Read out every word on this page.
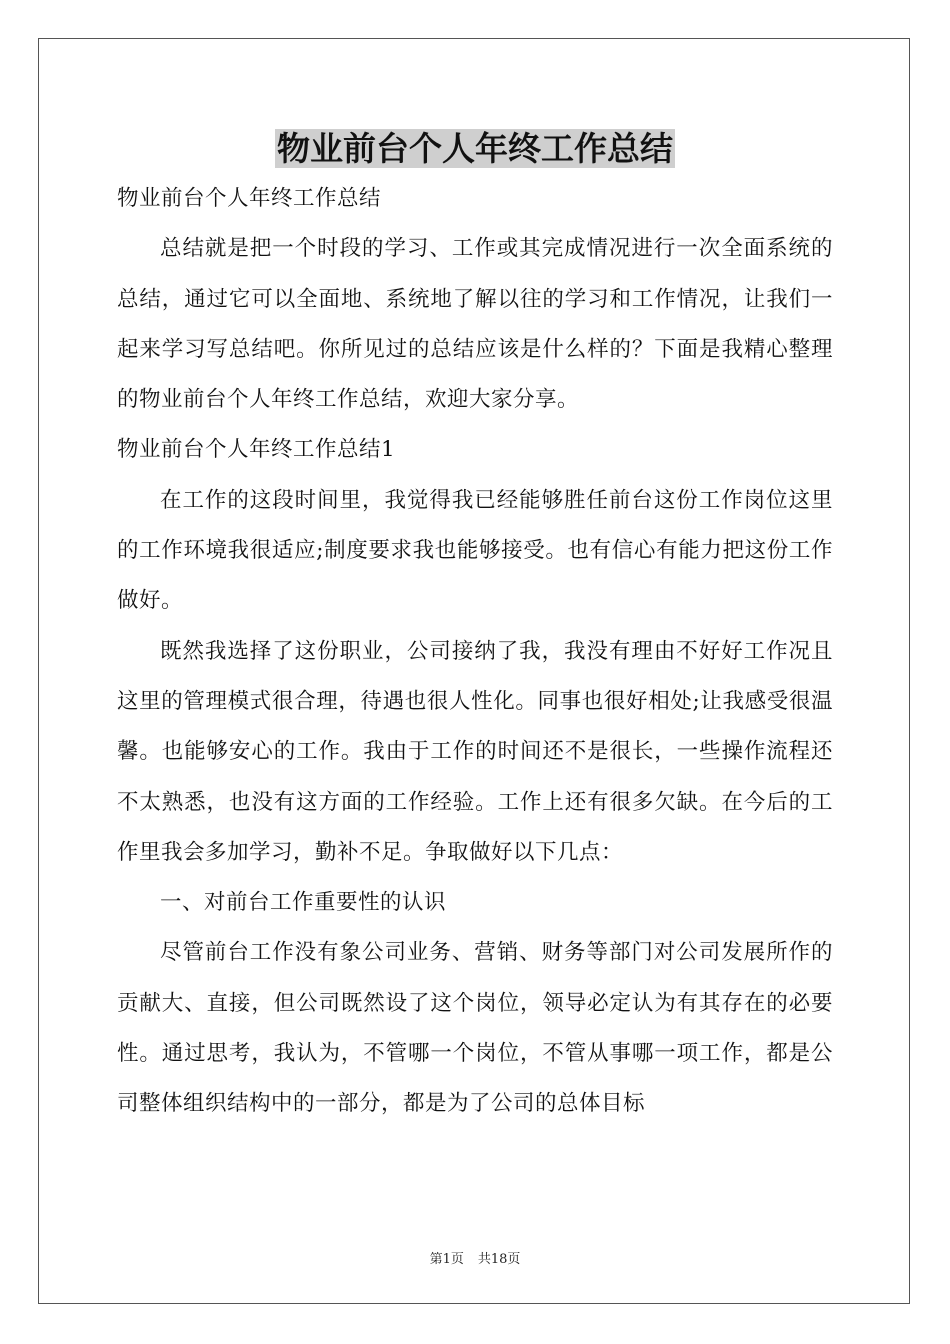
物业前台个人年终工作总结

物业前台个人年终工作总结

总结就是把一个时段的学习、工作或其完成情况进行一次全面系统的总结，通过它可以全面地、系统地了解以往的学习和工作情况，让我们一起来学习写总结吧。你所见过的总结应该是什么样的？下面是我精心整理的物业前台个人年终工作总结，欢迎大家分享。

物业前台个人年终工作总结1

在工作的这段时间里，我觉得我已经能够胜任前台这份工作岗位这里的工作环境我很适应;制度要求我也能够接受。也有信心有能力把这份工作做好。

既然我选择了这份职业，公司接纳了我，我没有理由不好好工作况且这里的管理模式很合理，待遇也很人性化。同事也很好相处;让我感受很温馨。也能够安心的工作。我由于工作的时间还不是很长，一些操作流程还不太熟悉，也没有这方面的工作经验。工作上还有很多欠缺。在今后的工作里我会多加学习，勤补不足。争取做好以下几点：

一、对前台工作重要性的认识

尽管前台工作没有象公司业务、营销、财务等部门对公司发展所作的贡献大、直接，但公司既然设了这个岗位，领导必定认为有其存在的必要性。通过思考，我认为，不管哪一个岗位，不管从事哪一项工作，都是公司整体组织结构中的一部分，都是为了公司的总体目标

第1页 共18页
